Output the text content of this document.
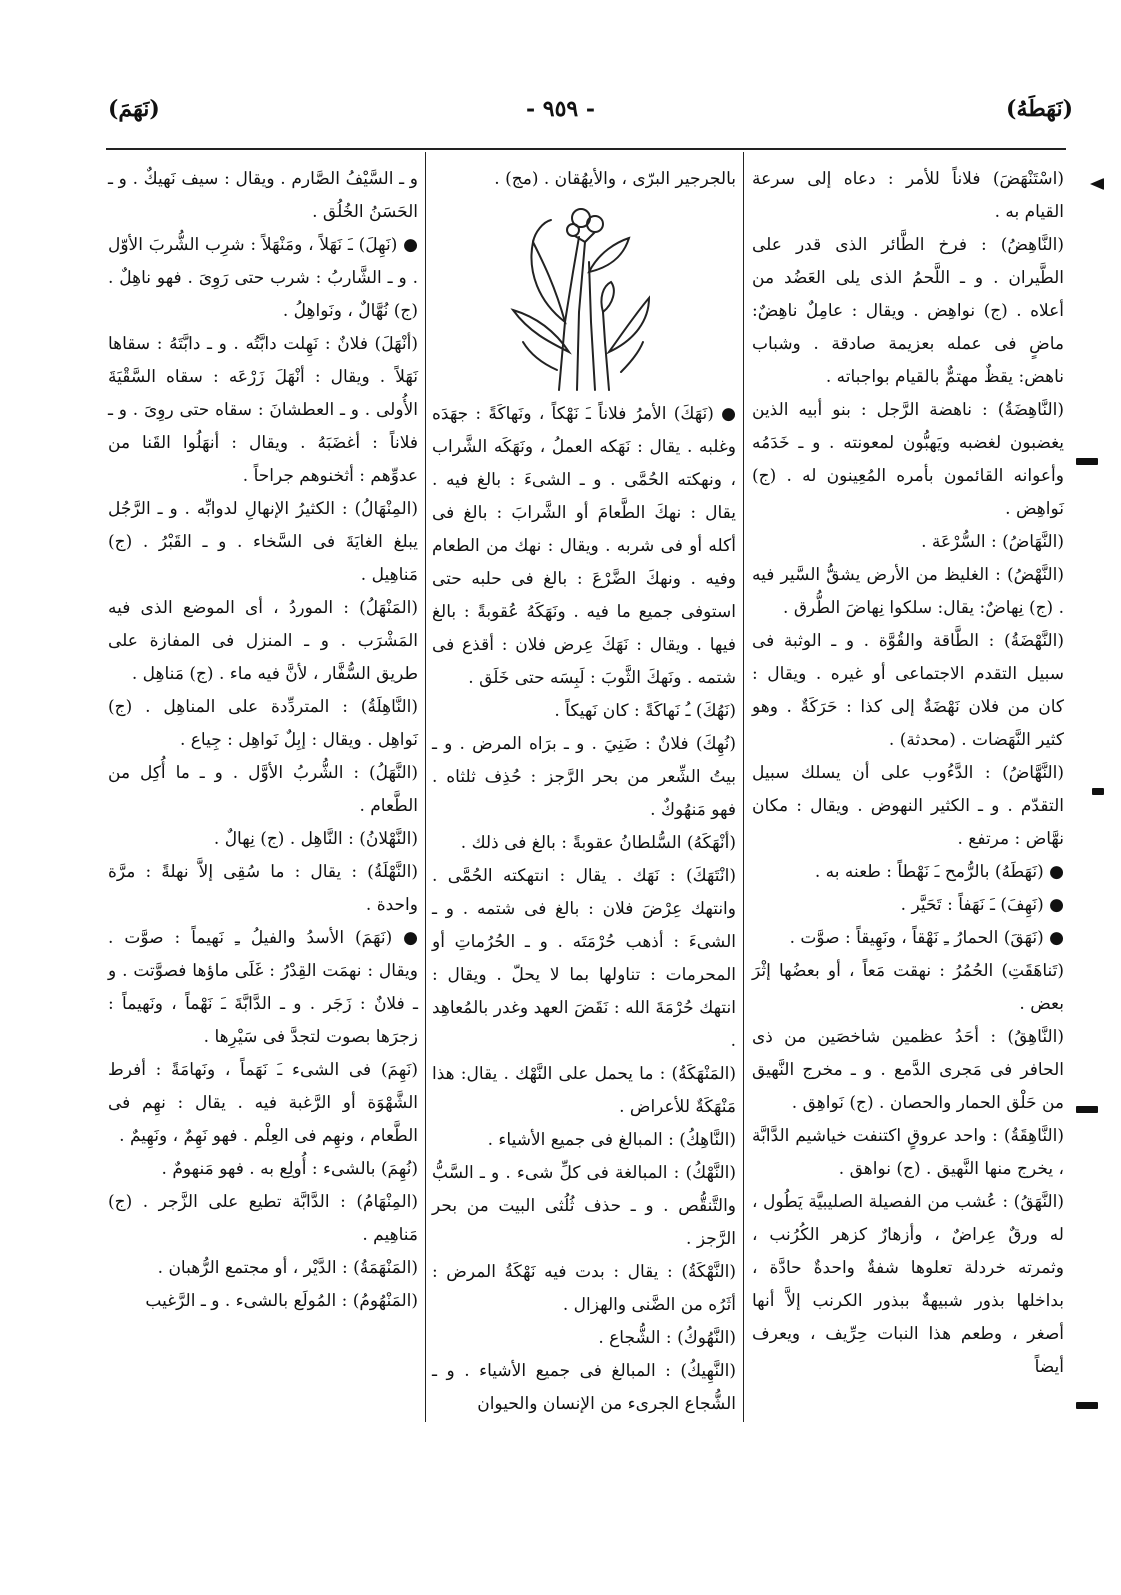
(نَهَطَهُ)
- ٩٥٩ -
(نَهَمَ)

(اسْتَنْهَضَ) فلاناً للأمر : دعاه إلى سرعة القيام به .

(النَّاهِضُ) : فرخ الطَّائر الذى قدر على الطَّيران . و ـ اللَّحمُ الذى يلى العَضُد من أعلاه . (ج) نواهِض . ويقال : عامِلٌ ناهِضٌ: ماضٍ فى عمله بعزيمة صادقة . وشباب ناهض: يقظٌ مهتمٌّ بالقيام بواجباته .

(النَّاهِضَةُ) : ناهضة الرَّجل : بنو أبيه الذين يغضبون لغضبه ويَهبُّون لمعونته . و ـ خَدَمُه وأعوانه القائمون بأمره المُعِينون له . (ج) نَواهِض .

(النَّهَاضُ) : السُّرْعَة .

(النَّهْضُ) : الغليظ من الأرض يشقُّ السَّير فيه . (ج) نِهاضٌ: يقال: سلكوا نِهاضَ الطُّرق .

(النَّهْضَةُ) : الطَّاقة والقُوَّة . و ـ الوثبة فى سبيل التقدم الاجتماعى أو غيره . ويقال : كان من فلان نَهْضَةٌ إلى كذا : حَرَكَةٌ . وهو كثير النَّهَضات . (محدثة) .

(النَّهَّاضُ) : الدَّءُوب على أن يسلك سبيل التقدّم . و ـ الكثير النهوض . ويقال : مكان نهَّاض : مرتفع .

● (نَهَطَهُ) بالرُّمح ـَ نَهْطاً : طعنه به .

● (نَهِفَ) ـَ نَهَفاً : تَحَيَّر .

● (نَهَقَ) الحمارُ ـِ نَهْقاً ، ونَهِيقاً : صوَّت .

(تَناهَقَتِ) الحُمُرُ : نهقت مَعاً ، أو بعضُها إثْرَ بعض .

(النَّاهِقُ) : أحَدُ عظمين شاخصَين من ذى الحافر فى مَجرى الدَّمع . و ـ مخرج النَّهيق من حَلْق الحمار والحصان . (ج) نَواهِق .

(النَّاهِقَةُ) : واحد عروقٍ اكتنفت خياشيم الدَّابَّة ، يخرج منها النَّهيق . (ج) نواهق .

(النَّهَقُ) : عُشب من الفصيلة الصليبيَّة يَطُول ، له ورقٌ عِراضٌ ، وأزهارٌ كزهر الكُرُنب ، وثمرته خردلة تعلوها شفةٌ واحدةٌ حادَّة ، بداخلها بذور شبيهةٌ ببذور الكرنب إلاَّ أنها أصغر ، وطعم هذا النبات حِرِّيف ، ويعرف أيضاً

بالجرجير البرّى ، والأيهُقان . (مج) .

● (نَهَكَ) الأمرُ فلاناً ـَ نَهْكاً ، ونَهاكَةً : جهَدَه وغلبه . يقال : نَهَكه العملُ ، ونَهَكَه الشَّراب ، ونهكته الحُمَّى . و ـ الشىءَ : بالغ فيه . يقال : نهكَ الطَّعامَ أو الشَّرابَ : بالغ فى أكله أو فى شربه . ويقال : نهك من الطعام وفيه . ونهكَ الضَّرْعَ : بالغ فى حلبه حتى استوفى جميع ما فيه . ونَهَكَهُ عُقوبةً : بالغ فيها . ويقال : نَهَكَ عِرض فلان : أقذع فى شتمه . ونَهكَ الثَّوبَ : لَبِسَه حتى خَلَق .

(نَهُكَ) ـُ نَهاكَةً : كان نَهيكاً .

(نُهِكَ) فلانٌ : ضَنِيَ . و ـ برَاه المرض . و ـ بيتُ الشِّعر من بحر الرَّجز : حُذِف ثلثاه . فهو مَنهُوكٌ .

(أنْهَكَهُ) السُّلطانُ عقوبةً : بالغ فى ذلك .

(انْتَهَكَ) : نَهَك . يقال : انتهكته الحُمَّى . وانتهك عِرْضَ فلان : بالغ فى شتمه . و ـ الشىءَ : أذهب حُرْمَتَه . و ـ الحُرُماتِ أو المحرمات : تناولها بما لا يحلّ . ويقال : انتهك حُرْمَةَ الله : نَقَضَ العهد وغدر بالمُعاهِد .

(المَنْهَكَةُ) : ما يحمل على النَّهْك . يقال: هذا مَنْهَكَةٌ للأعراض .

(النَّاهِكُ) : المبالغ فى جميع الأشياء .

(النَّهْكُ) : المبالغة فى كلِّ شىء . و ـ السَّبُّ والتَّنقُّص . و ـ حذف ثُلُثى البيت من بحر الرَّجز .

(النَّهْكَةُ) : يقال : بدت فيه نَهْكَةُ المرض : أثَرُه من الضَّنى والهزال .

(النَّهُوكُ) : الشُّجاع .

(النَّهِيكُ) : المبالغ فى جميع الأشياء . و ـ الشُّجاع الجرىء من الإنسان والحيوان

و ـ السَّيْفُ الصَّارم . ويقال : سيف نَهيكٌ . و ـ الحَسَنُ الخُلُق .

● (نَهِلَ) ـَ نَهَلاً ، ومَنْهَلاً : شرِب الشُّربَ الأوّل . و ـ الشَّاربُ : شرب حتى رَوِىَ . فهو ناهِلٌ . (ج) نُهَّالٌ ، ونَواهِلُ .

(أنْهَلَ) فلانٌ : نَهِلت دابَّتُه . و ـ دابَّتَهُ : سقاها نَهَلاً . ويقال : أنْهَلَ زَرْعَه : سقاه السَّقْيَةَ الأُولى . و ـ العطشانَ : سقاه حتى روِىَ . و ـ فلاناً : أغضَبَهُ . ويقال : أنهَلُوا القَنا من عدوِّهم : أثخنوهم جراحاً .

(المِنْهَالُ) : الكثيرُ الإنهالِ لدوابِّه . و ـ الرَّجُل يبلغ الغايَةَ فى السَّخاء . و ـ القَبْرُ . (ج) مَناهِيل .

(المَنْهَلُ) : الموردُ ، أى الموضع الذى فيه المَشْرَب . و ـ المنزل فى المفازة على طريق السُّفَّار ، لأنَّ فيه ماء . (ج) مَناهِل .

(النَّاهِلَةُ) : المتردِّدة على المناهِل . (ج) نَواهِل . ويقال : إبِلٌ نَواهِل : جِياع .

(النَّهَلُ) : الشُّربُ الأوَّل . و ـ ما أُكِل من الطَّعام .

(النَّهْلانُ) : النَّاهِل . (ج) نِهالٌ .

(النَّهْلَةُ) : يقال : ما سُقِى إلاَّ نهلةً : مرَّة واحدة .

● (نَهَمَ) الأسدُ والفيلُ ـِ نَهيماً : صوَّت . ويقال : نهمَت القِدْرُ : غَلَى ماؤها فصوَّتت . و ـ فلانٌ : زَجَر . و ـ الدَّابَّةَ ـَ نَهْماً ، ونَهيماً : زجرَها بصوت لتجدَّ فى سَيْرِها .

(نَهِمَ) فى الشىء ـَ نَهَماً ، ونَهامَةً : أفرط الشَّهْوَة أو الرَّغبة فيه . يقال : نهِم فى الطَّعام ، ونهِم فى العِلْم . فهو نَهِمٌ ، ونَهِيمٌ .

(نُهِمَ) بالشىء : أُولِع به . فهو مَنهومٌ .

(المِنْهَامُ) : الدَّابَّة تطيع على الزَّجر . (ج) مَناهِيم .

(المَنْهَمَةُ) : الدَّيْر ، أو مجتمع الرُّهبان .

(المَنْهُومُ) : المُولَع بالشىء . و ـ الرَّغيب
